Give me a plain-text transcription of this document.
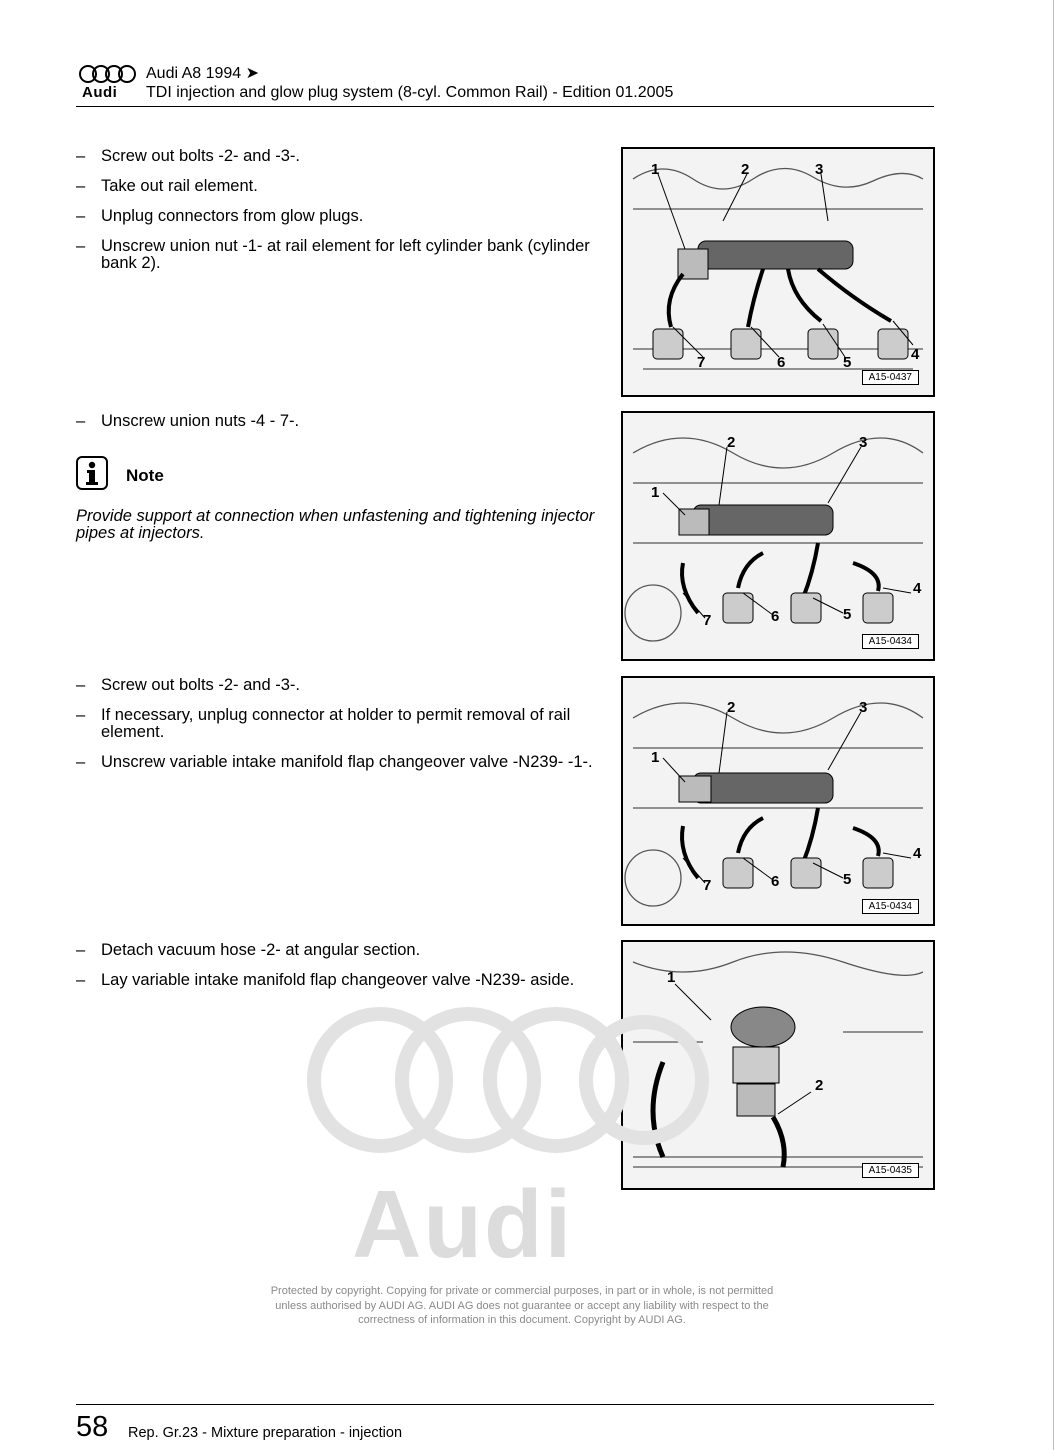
Audi
Audi A8 1994 ➤
TDI injection and glow plug system (8-cyl. Common Rail) - Edition 01.2005
– Screw out bolts -2- and -3-.
– Take out rail element.
– Unplug connectors from glow plugs.
– Unscrew union nut -1- at rail element for left cylinder bank (cylinder bank 2).
1	2	3
4
5
6
7
A15-0437
– Unscrew union nuts -4 - 7-.
Note
Provide support at connection when unfastening and tightening injector pipes at injectors.
1
2	3
4
5
6
7
A15-0434
– Screw out bolts -2- and -3-.
– If necessary, unplug connector at holder to permit removal of rail element.
– Unscrew variable intake manifold flap changeover valve -N239- -1-.	1
2	3
4
5
6
7
A15-0434
– Detach vacuum hose -2- at angular section.
– Lay variable intake manifold flap changeover valve -N239- aside.	1
2
A15-0435
Audi
Protected by copyright. Copying for private or commercial purposes, in part or in whole, is not permitted unless authorised by AUDI AG. AUDI AG does not guarantee or accept any liability with respect to the correctness of information in this document. Copyright by AUDI AG.
58 Rep. Gr.23 - Mixture preparation - injection
